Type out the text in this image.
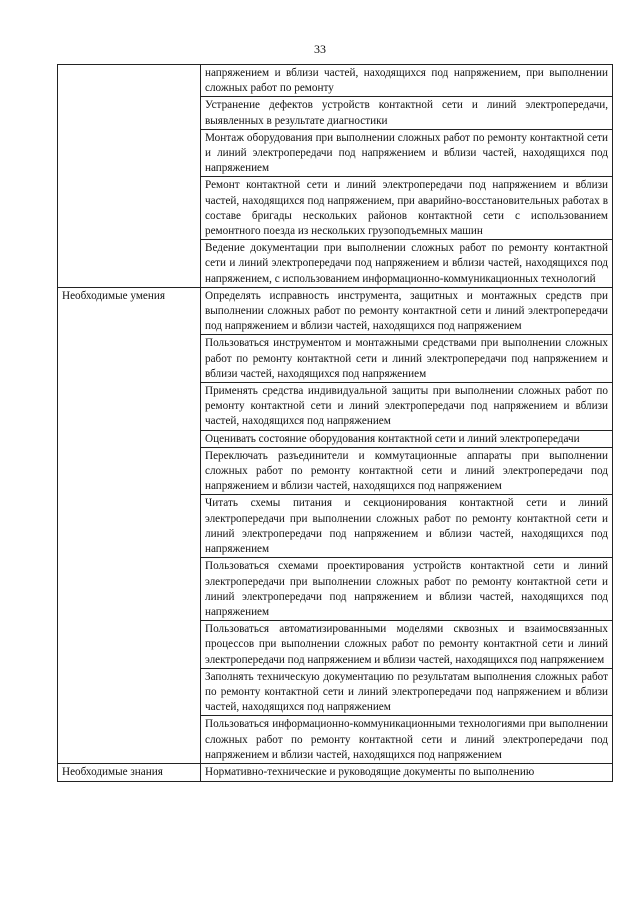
33
	напряжением и вблизи частей, находящихся под напряжением, при выполнении сложных работ по ремонту
	Устранение дефектов устройств контактной сети и линий электропередачи, выявленных в результате диагностики
	Монтаж оборудования при выполнении сложных работ по ремонту контактной сети и линий электропередачи под напряжением и вблизи частей, находящихся под напряжением
	Ремонт контактной сети и линий электропередачи под напряжением и вблизи частей, находящихся под напряжением, при аварийно-восстановительных работах в составе бригады нескольких районов контактной сети с использованием ремонтного поезда из нескольких грузоподъемных машин
	Ведение документации при выполнении сложных работ по ремонту контактной сети и линий электропередачи под напряжением и вблизи частей, находящихся под напряжением, с использованием информационно-коммуникационных технологий
Необходимые умения	Определять исправность инструмента, защитных и монтажных средств при выполнении сложных работ по ремонту контактной сети и линий электропередачи под напряжением и вблизи частей, находящихся под напряжением
	Пользоваться инструментом и монтажными средствами при выполнении сложных работ по ремонту контактной сети и линий электропередачи под напряжением и вблизи частей, находящихся под напряжением
	Применять средства индивидуальной защиты при выполнении сложных работ по ремонту контактной сети и линий электропередачи под напряжением и вблизи частей, находящихся под напряжением
	Оценивать состояние оборудования контактной сети и линий электропередачи
	Переключать разъединители и коммутационные аппараты при выполнении сложных работ по ремонту контактной сети и линий электропередачи под напряжением и вблизи частей, находящихся под напряжением
	Читать схемы питания и секционирования контактной сети и линий электропередачи при выполнении сложных работ по ремонту контактной сети и линий электропередачи под напряжением и вблизи частей, находящихся под напряжением
	Пользоваться схемами проектирования устройств контактной сети и линий электропередачи при выполнении сложных работ по ремонту контактной сети и линий электропередачи под напряжением и вблизи частей, находящихся под напряжением
	Пользоваться автоматизированными моделями сквозных и взаимосвязанных процессов при выполнении сложных работ по ремонту контактной сети и линий электропередачи под напряжением и вблизи частей, находящихся под напряжением
	Заполнять техническую документацию по результатам выполнения сложных работ по ремонту контактной сети и линий электропередачи под напряжением и вблизи частей, находящихся под напряжением
	Пользоваться информационно-коммуникационными технологиями при выполнении сложных работ по ремонту контактной сети и линий электропередачи под напряжением и вблизи частей, находящихся под напряжением
Необходимые знания	Нормативно-технические и руководящие документы по выполнению
